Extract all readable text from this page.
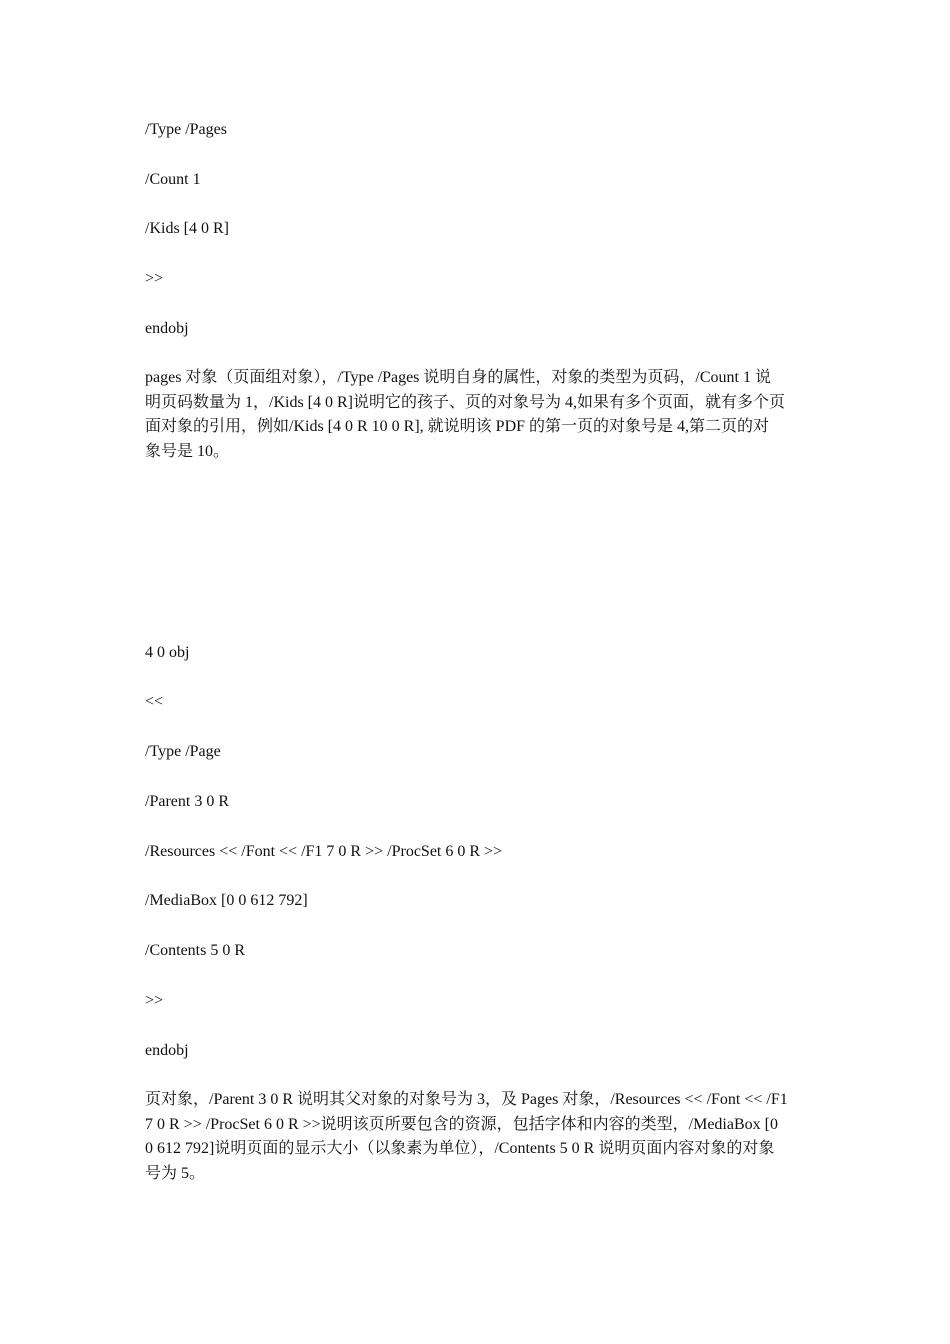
/Type /Pages
/Count 1
/Kids [4 0 R]
>>
endobj
pages 对象（页面组对象），/Type /Pages 说明自身的属性，对象的类型为页码，/Count 1 说
明页码数量为 1，/Kids [4 0 R]说明它的孩子、页的对象号为 4,如果有多个页面，就有多个页
面对象的引用，例如/Kids [4 0 R 10 0 R], 就说明该 PDF 的第一页的对象号是 4,第二页的对
象号是 10。
4 0 obj
<<
/Type /Page
/Parent 3 0 R
/Resources << /Font << /F1 7 0 R >> /ProcSet 6 0 R >>
/MediaBox [0 0 612 792]
/Contents 5 0 R
>>
endobj
页对象，/Parent 3 0 R 说明其父对象的对象号为 3，及 Pages 对象，/Resources << /Font << /F1
7 0 R >> /ProcSet 6 0 R >>说明该页所要包含的资源，包括字体和内容的类型，/MediaBox [0
0 612 792]说明页面的显示大小（以象素为单位），/Contents 5 0 R 说明页面内容对象的对象
号为 5。
